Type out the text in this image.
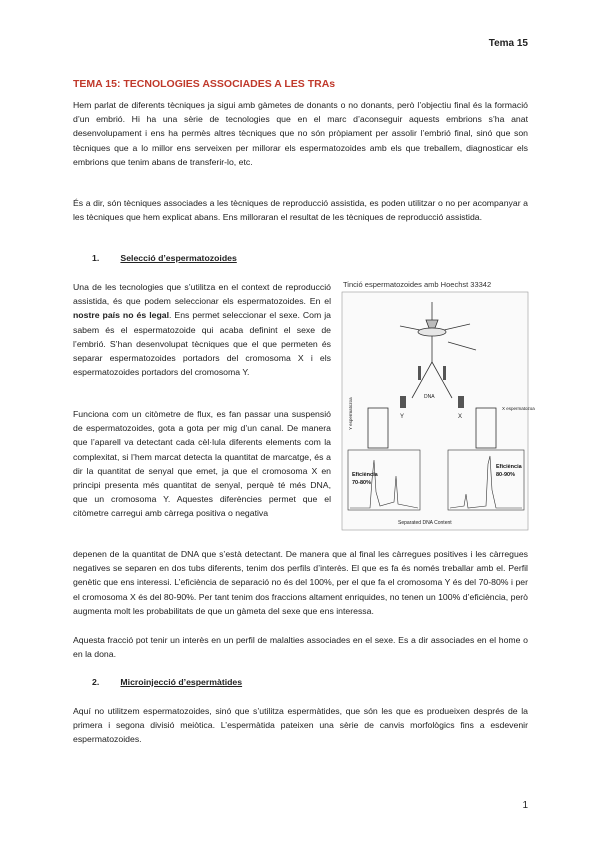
Tema 15
TEMA 15: TECNOLOGIES ASSOCIADES A LES TRAs
Hem parlat de diferents tècniques ja sigui amb gàmetes de donants o no donants, però l’objectiu final és la formació d’un embrió. Hi ha una sèrie de tecnologies que en el marc d’aconseguir aquests embrions s’ha anat desenvolupament i ens ha permès altres tècniques que no són pròpiament per assolir l’embrió final, sinó que son tècniques que a lo millor ens serveixen per millorar els espermatozoides amb els que treballem, diagnosticar els embrions que tenim abans de transferir-lo, etc.
És a dir, són tècniques associades a les tècniques de reproducció assistida, es poden utilitzar o no per acompanyar a les tècniques que hem explicat abans. Ens milloraran el resultat de les tècniques de reproducció assistida.
1. Selecció d’espermatozoides
Una de les tecnologies que s’utilitza en el context de reproducció assistida, és que podem seleccionar els espermatozoides. En el nostre país no és legal. Ens permet seleccionar el sexe. Com ja sabem és el espermatozoide qui acaba definint el sexe de l’embrió. S’han desenvolupat tècniques que el que permeten és separar espermatozoides portadors del cromosoma X i els espermatozoides portadors del cromosoma Y.
Funciona com un citòmetre de flux, es fan passar una suspensió de espermatozoides, gota a gota per mig d’un canal. De manera que l’aparell va detectant cada cèl·lula diferents elements com la complexitat, si l’hem marcat detecta la quantitat de marcatge, és a dir la quantitat de senyal que emet, ja que el cromosoma X en principi presenta més quantitat de senyal, perquè té més DNA, que un cromosoma Y. Aquestes diferències permet que el citòmetre carregui amb càrrega positiva o negativa
depenen de la quantitat de DNA que s’està detectant. De manera que al final les càrregues positives i les càrregues negatives se separen en dos tubs diferents, tenim dos perfils d’interès. El que es fa és només treballar amb el. Perfil genètic que ens interessi. L’eficiència de separació no és del 100%, per el que fa el cromosoma Y és del 70-80% i per el cromosoma X és del 80-90%. Per tant tenim dos fraccions altament enriquides, no tenen un 100% d’eficiència, però augmenta molt les probabilitats de que un gàmeta del sexe que ens interessa.
Aquesta fracció pot tenir un interès en un perfil de malalties associades en el sexe. Es a dir associades en el home o en la dona.
Tinció espermatozoides amb Hoechst 33342
Y	X
DNA
Y espermatozoa	X espermatozoa
Eficiència
70-80%
Eficiència
80-90%
Separated DNA Content
2. Microinjecció d’espermàtides
Aquí no utilitzem espermatozoides, sinó que s’utilitza espermàtides, que són les que es produeixen després de la primera i segona divisió meiòtica. L’espermàtida pateixen una sèrie de canvis morfològics fins a esdevenir espermatozoides.
1
